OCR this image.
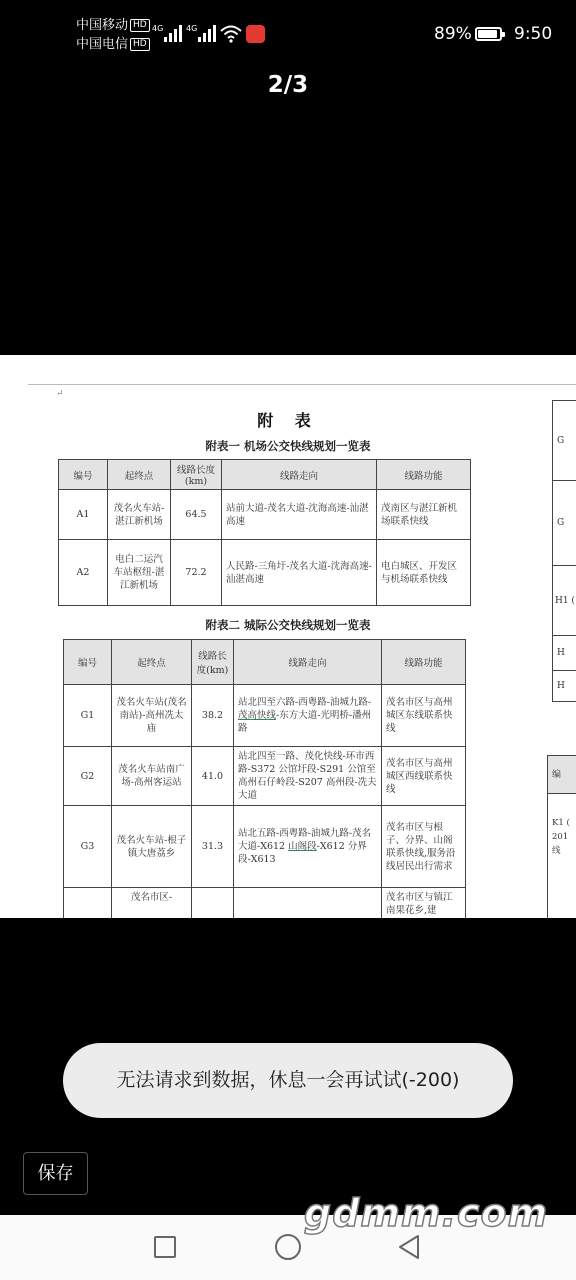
中国移动 HD
中国电信 HD
4G	4G	89% 9:50
2/3
↵
附 表
附表一 机场公交快线规划一览表
编号	起终点	线路长度(km)	线路走向	线路功能
A1	茂名火车站-湛江新机场	64.5	站前大道-茂名大道-沈海高速-汕湛高速	茂南区与湛江新机场联系快线
A2	电白二运汽车站枢纽-湛江新机场	72.2	人民路-三角圩-茂名大道-沈海高速-汕湛高速	电白城区、开发区与机场联系快线
附表二 城际公交快线规划一览表
编号	起终点	线路长度(km)	线路走向	线路功能
G1	茂名火车站(茂名南站)-高州冼太庙	38.2	站北四至六路-西粤路-油城九路-茂高快线-东方大道-光明桥-潘州路	茂名市区与高州城区东线联系快线
G2	茂名火车站南广场-高州客运站	41.0	站北四至一路、茂化快线-环市西路-S372 公馆圩段-S291 公馆至高州石仔岭段-S207 高州段-冼夫大道	茂名市区与高州城区西线联系快线
G3	茂名火车站-根子镇大唐荔乡	31.3	站北五路-西粤路-油城九路-茂名大道-X612 山阁段-X612 分界段-X613	茂名市区与根子、分界、山阁联系快线,服务沿线居民出行需求
	茂名市区-			茂名市区与镇江南果花乡,建
G
G
H1 (
H
H
编
K1 (
201
线
无法请求到数据，休息一会再试试(-200)
保存
gdmm.com
